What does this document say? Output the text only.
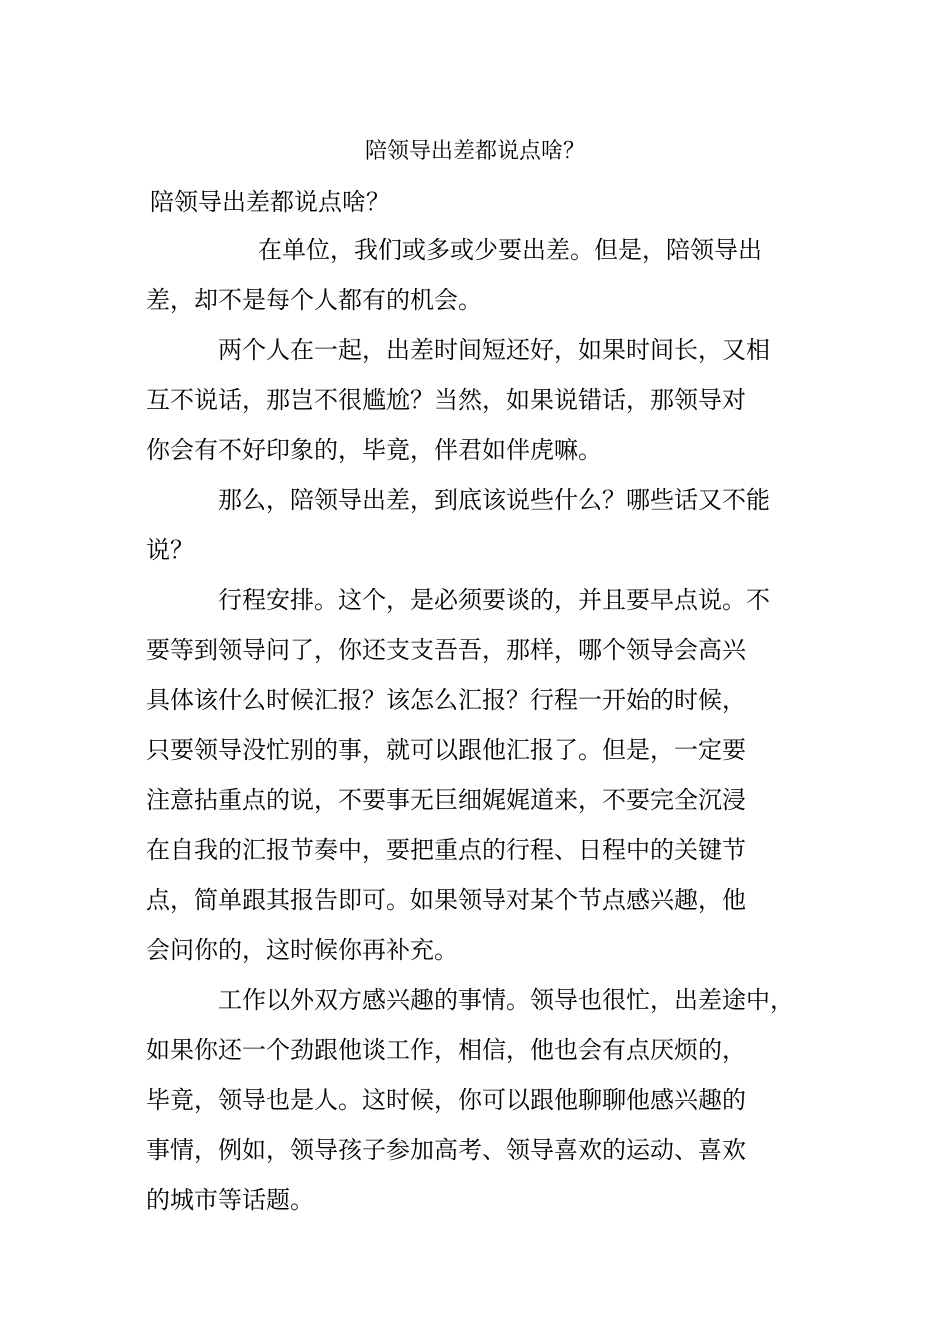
陪领导出差都说点啥？
陪领导出差都说点啥？
在单位，我们或多或少要出差。但是，陪领导出
差，却不是每个人都有的机会。
两个人在一起，出差时间短还好，如果时间长，又相
互不说话，那岂不很尴尬？当然，如果说错话，那领导对
你会有不好印象的，毕竟，伴君如伴虎嘛。
那么，陪领导出差，到底该说些什么？哪些话又不能
说？
行程安排。这个，是必须要谈的，并且要早点说。不
要等到领导问了，你还支支吾吾，那样，哪个领导会高兴
具体该什么时候汇报？该怎么汇报？行程一开始的时候，
只要领导没忙别的事，就可以跟他汇报了。但是，一定要
注意拈重点的说，不要事无巨细娓娓道来，不要完全沉浸
在自我的汇报节奏中，要把重点的行程、日程中的关键节
点，简单跟其报告即可。如果领导对某个节点感兴趣，他
会问你的，这时候你再补充。
工作以外双方感兴趣的事情。领导也很忙，出差途中，
如果你还一个劲跟他谈工作，相信，他也会有点厌烦的，
毕竟，领导也是人。这时候，你可以跟他聊聊他感兴趣的
事情，例如，领导孩子参加高考、领导喜欢的运动、喜欢
的城市等话题。
